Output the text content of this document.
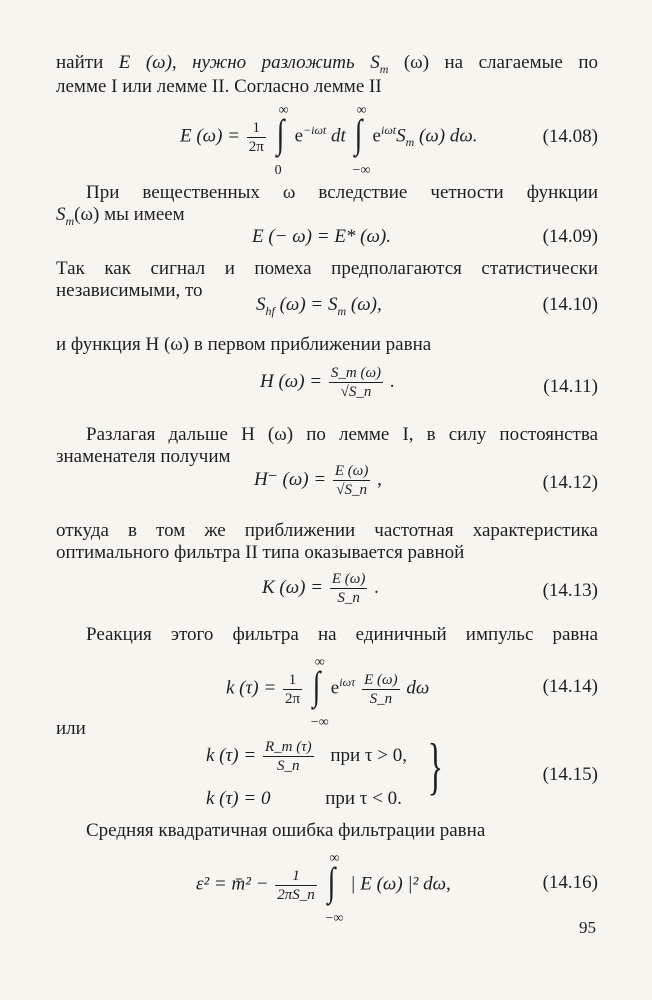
найти E (ω), нужно разложить $S_m$ (ω) на слагаемые по
лемме I или лемме II. Согласно лемме II
E $(\omega) = \frac{1}{2\pi}$
∫
∞
0
$e^{-i\omega t}$ dt ∫
∞
−∞
$e^{i\omega t}S_m$ (ω) dω.	(14.08)
При вещественных ω вследствие четности функции
$S_m(\omega)$ мы имеем
E (− ω) = E* (ω).	(14.09)
Так как сигнал и помеха предполагаются статистически
независимыми, то
$S_{hf}$ $(\omega) = S_m$ (ω),	(14.10)
и функция H (ω) в первом приближении равна
H $(\omega) = \frac{S\_m (\omega)}{√S\_n}$ .	(14.11)
Разлагая дальше H (ω) по лемме I, в силу постоянства
знаменателя получим
H⁻ $(\omega) = \frac{E (\omega)}{√S\_n}$ ,	(14.12)
откуда в том же приближении частотная характеристика
оптимального фильтра II типа оказывается равной
K $(\omega) = \frac{E (\omega)}{S\_n}$ .	(14.13)
Реакция этого фильтра на единичный импульс равна
k $(\tau) = \frac{1}{2\pi}$
∫
∞
−∞
$e^{i\omega\tau} \frac{E (\omega)}{S\_n}$ dω	(14.14)
или
k $(\tau) = \frac{R\_m (\tau)}{S\_n}$ при τ > 0,
k (τ) = 0	при τ < 0. }	(14.15)
Средняя квадратичная ошибка фильтрации равна
ε² = m̄² − $\frac{1}{2\pi S\_n}$
∫
∞
−∞
| E (ω) |² dω,	(14.16)
95
